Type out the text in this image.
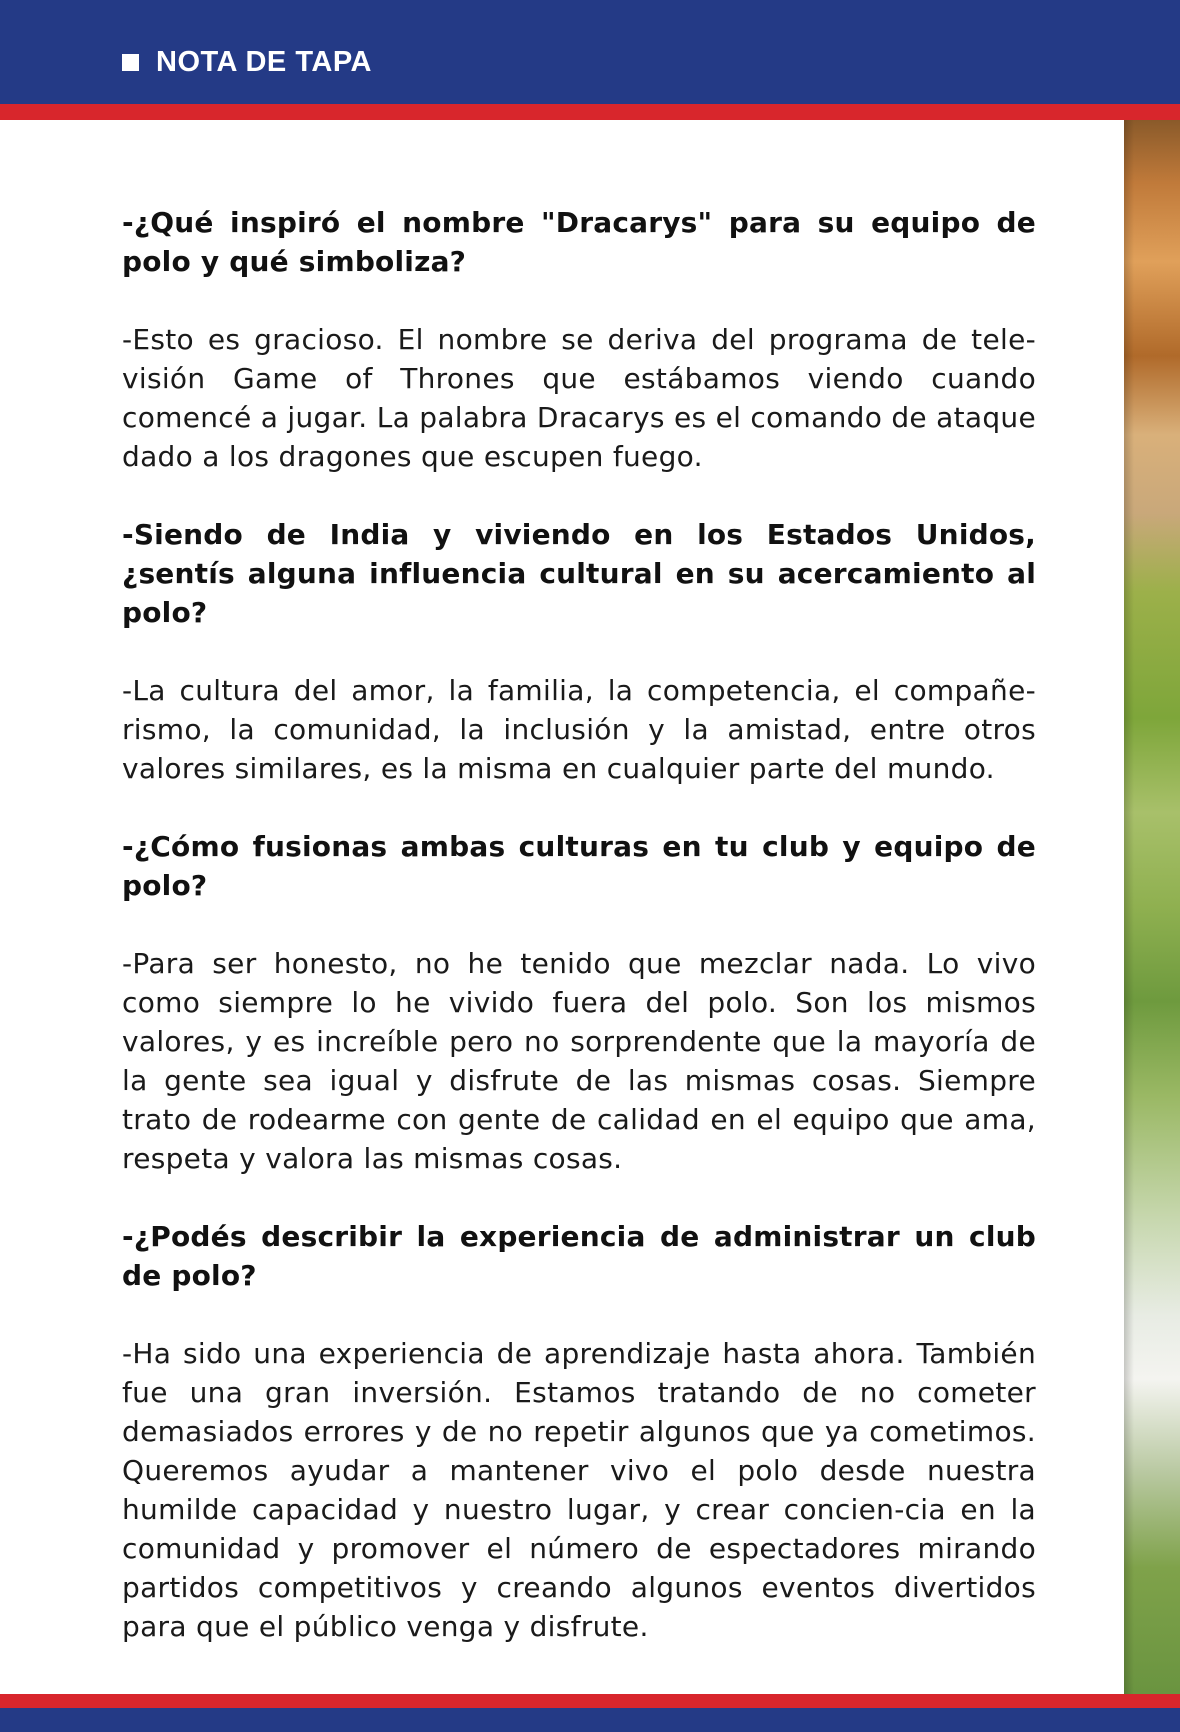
NOTA DE TAPA

-¿Qué inspiró el nombre "Dracarys" para su equipo de polo y qué simboliza?

-Esto es gracioso. El nombre se deriva del programa de tele-visión Game of Thrones que estábamos viendo cuando comencé a jugar. La palabra Dracarys es el comando de ataque dado a los dragones que escupen fuego.

-Siendo de India y viviendo en los Estados Unidos, ¿sentís alguna influencia cultural en su acercamiento al polo?

-La cultura del amor, la familia, la competencia, el compañe-rismo, la comunidad, la inclusión y la amistad, entre otros valores similares, es la misma en cualquier parte del mundo.

-¿Cómo fusionas ambas culturas en tu club y equipo de polo?

-Para ser honesto, no he tenido que mezclar nada. Lo vivo como siempre lo he vivido fuera del polo. Son los mismos valores, y es increíble pero no sorprendente que la mayoría de la gente sea igual y disfrute de las mismas cosas. Siempre trato de rodearme con gente de calidad en el equipo que ama, respeta y valora las mismas cosas.

-¿Podés describir la experiencia de administrar un club de polo?

-Ha sido una experiencia de aprendizaje hasta ahora. También fue una gran inversión. Estamos tratando de no cometer demasiados errores y de no repetir algunos que ya cometimos. Queremos ayudar a mantener vivo el polo desde nuestra humilde capacidad y nuestro lugar, y crear concien-cia en la comunidad y promover el número de espectadores mirando partidos competitivos y creando algunos eventos divertidos para que el público venga y disfrute.
